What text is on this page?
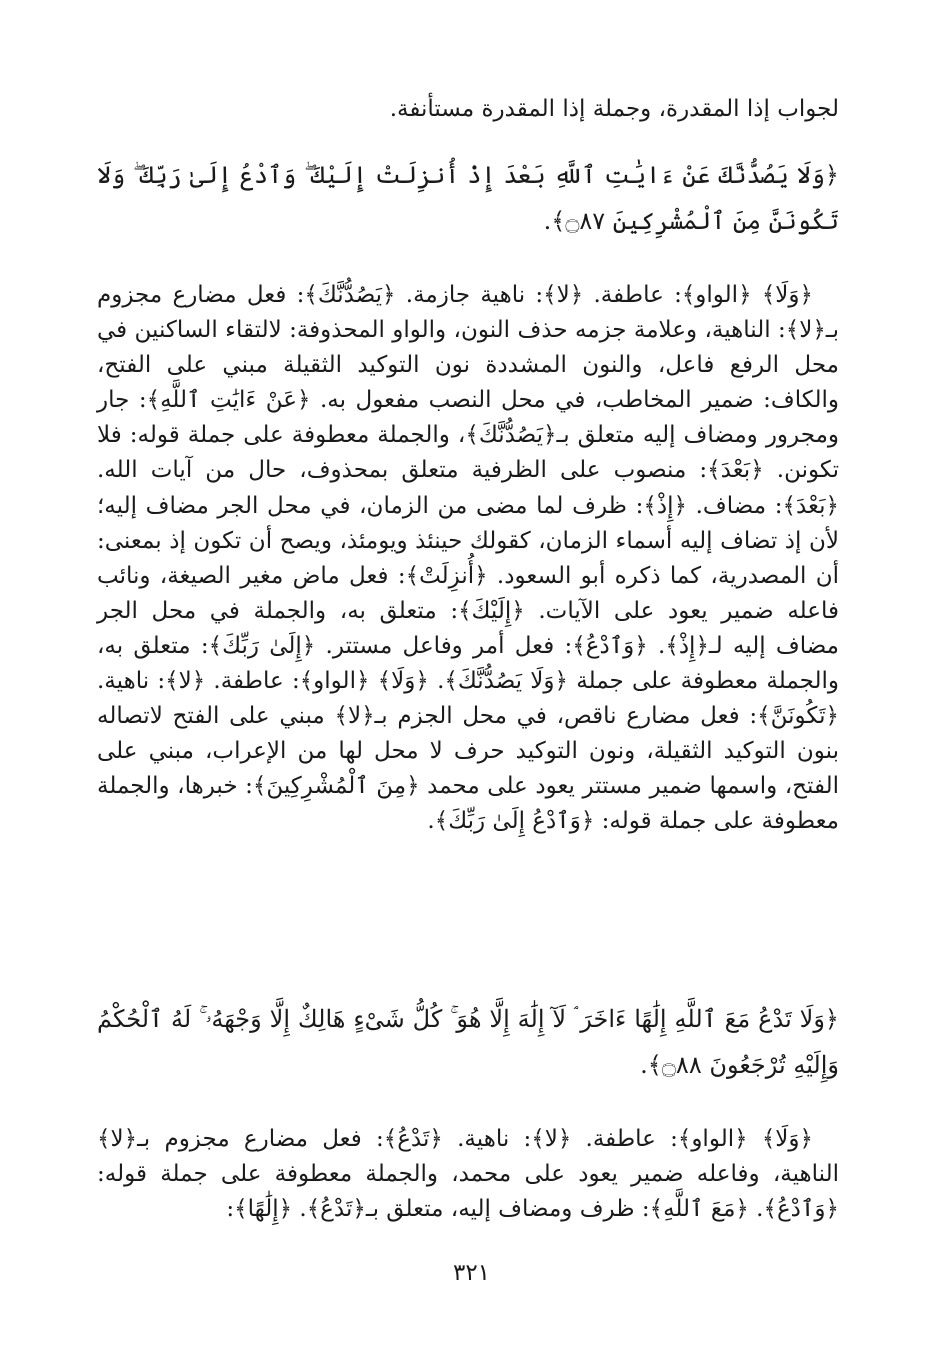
لجواب إذا المقدرة، وجملة إذا المقدرة مستأنفة.
﴿وَلَا يَصُدُّنَّكَ عَنْ ءَايَٰتِ ٱللَّهِ بَعْدَ إِذْ أُنزِلَتْ إِلَيْكَ ۖ وَٱدْعُ إِلَىٰ رَبِّكَ ۖ وَلَا تَكُونَنَّ مِنَ ٱلْمُشْرِكِينَ ۝٨٧﴾.
﴿وَلَا﴾ ﴿الواو﴾: عاطفة. ﴿لا﴾: ناهية جازمة. ﴿يَصُدُّنَّكَ﴾: فعل مضارع مجزوم بـ﴿لا﴾: الناهية، وعلامة جزمه حذف النون، والواو المحذوفة: لالتقاء الساكنين في محل الرفع فاعل، والنون المشددة نون التوكيد الثقيلة مبني على الفتح، والكاف: ضمير المخاطب، في محل النصب مفعول به. ﴿عَنْ ءَايَٰتِ ٱللَّهِ﴾: جار ومجرور ومضاف إليه متعلق بـ﴿يَصُدُّنَّكَ﴾، والجملة معطوفة على جملة قوله: فلا تكونن. ﴿بَعْدَ﴾: منصوب على الظرفية متعلق بمحذوف، حال من آيات الله. ﴿بَعْدَ﴾: مضاف. ﴿إِذْ﴾: ظرف لما مضى من الزمان، في محل الجر مضاف إليه؛ لأن إذ تضاف إليه أسماء الزمان، كقولك حينئذ ويومئذ، ويصح أن تكون إذ بمعنى: أن المصدرية، كما ذكره أبو السعود. ﴿أُنزِلَتْ﴾: فعل ماض مغير الصيغة، ونائب فاعله ضمير يعود على الآيات. ﴿إِلَيْكَ﴾: متعلق به، والجملة في محل الجر مضاف إليه لـ﴿إِذْ﴾. ﴿وَٱدْعُ﴾: فعل أمر وفاعل مستتر. ﴿إِلَىٰ رَبِّكَ﴾: متعلق به، والجملة معطوفة على جملة ﴿وَلَا يَصُدُّنَّكَ﴾. ﴿وَلَا﴾ ﴿الواو﴾: عاطفة. ﴿لا﴾: ناهية. ﴿تَكُونَنَّ﴾: فعل مضارع ناقص، في محل الجزم بـ﴿لا﴾ مبني على الفتح لاتصاله بنون التوكيد الثقيلة، ونون التوكيد حرف لا محل لها من الإعراب، مبني على الفتح، واسمها ضمير مستتر يعود على محمد ﴿مِنَ ٱلْمُشْرِكِينَ﴾: خبرها، والجملة معطوفة على جملة قوله: ﴿وَٱدْعُ إِلَىٰ رَبِّكَ﴾.
﴿وَلَا تَدْعُ مَعَ ٱللَّهِ إِلَٰهًا ءَاخَرَ ۘ لَآ إِلَٰهَ إِلَّا هُوَ ۚ كُلُّ شَىْءٍ هَالِكٌ إِلَّا وَجْهَهُۥ ۚ لَهُ ٱلْحُكْمُ وَإِلَيْهِ تُرْجَعُونَ ۝٨٨﴾.
﴿وَلَا﴾ ﴿الواو﴾: عاطفة. ﴿لا﴾: ناهية. ﴿تَدْعُ﴾: فعل مضارع مجزوم بـ﴿لا﴾ الناهية، وفاعله ضمير يعود على محمد، والجملة معطوفة على جملة قوله: ﴿وَٱدْعُ﴾. ﴿مَعَ ٱللَّهِ﴾: ظرف ومضاف إليه، متعلق بـ﴿تَدْعُ﴾. ﴿إِلَٰهًا﴾:
٣٢١
